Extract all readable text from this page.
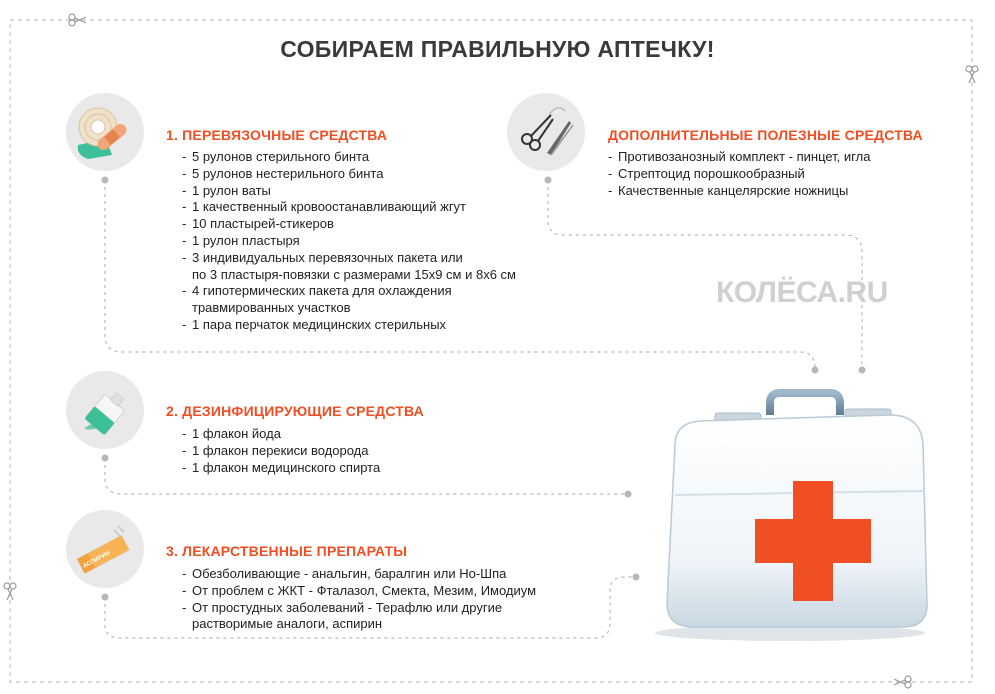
СОБИРАЕМ ПРАВИЛЬНУЮ АПТЕЧКУ!
1. ПЕРЕВЯЗОЧНЫЕ СРЕДСТВА
- 5 рулонов стерильного бинта
- 5 рулонов нестерильного бинта
- 1 рулон ваты
- 1 качественный кровоостанавливающий жгут
- 10 пластырей-стикеров
- 1 рулон пластыря
- 3 индивидуальных перевязочных пакета или
по 3 пластыря-повязки с размерами 15х9 см и 8х6 см
- 4 гипотермических пакета для охлаждения
травмированных участков
- 1 пара перчаток медицинских стерильных
ДОПОЛНИТЕЛЬНЫЕ ПОЛЕЗНЫЕ СРЕДСТВА
- Противозанозный комплект - пинцет, игла
- Стрептоцид порошкообразный
- Качественные канцелярские ножницы
КОЛЁСА.RU
2. ДЕЗИНФИЦИРУЮЩИЕ СРЕДСТВА
- 1 флакон йода
- 1 флакон перекиси водорода
- 1 флакон медицинского спирта
АСПИРИН	3. ЛЕКАРСТВЕННЫЕ ПРЕПАРАТЫ
- Обезболивающие - анальгин, баралгин или Но-Шпа
- От проблем с ЖКТ - Фталазол, Смекта, Мезим, Имодиум
- От простудных заболеваний - Терафлю или другие
растворимые аналоги, аспирин
